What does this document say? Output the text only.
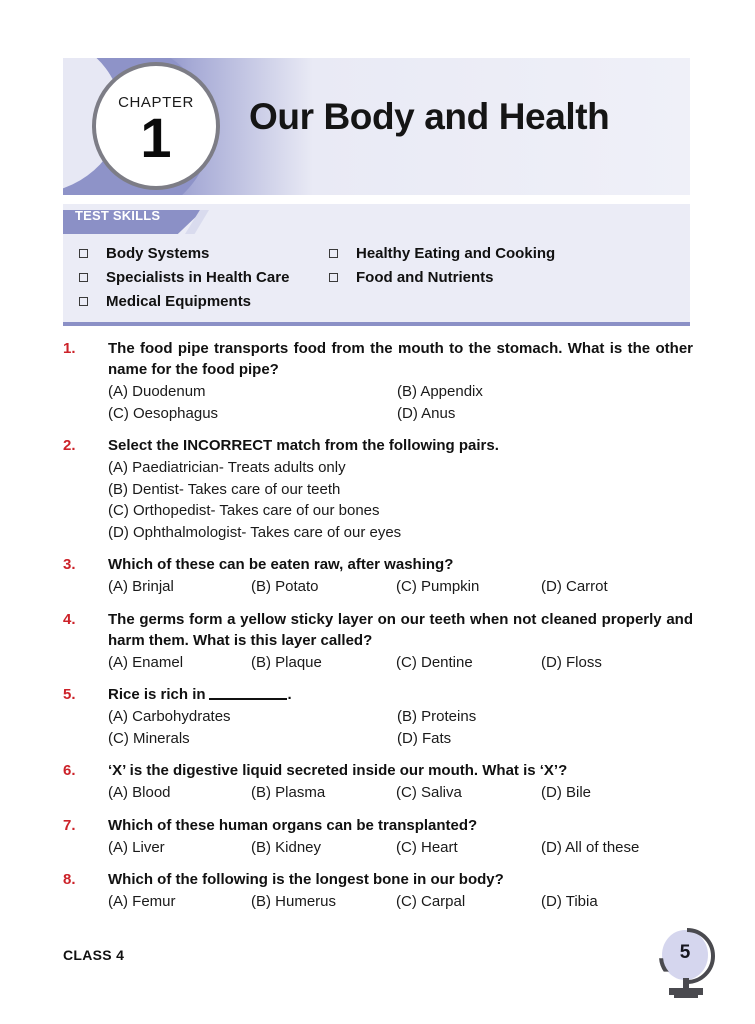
Our Body and Health
CHAPTER
1
TEST SKILLS
Body Systems
Specialists in Health Care
Medical Equipments
Healthy Eating and Cooking
Food and Nutrients
1.	The food pipe transports food from the mouth to the stomach. What is the other name for the food pipe?
(A) Duodenum	(B) Appendix
(C) Oesophagus	(D) Anus
2.	Select the INCORRECT match from the following pairs.
(A) Paediatrician- Treats adults only
(B) Dentist- Takes care of our teeth
(C) Orthopedist- Takes care of our bones
(D) Ophthalmologist- Takes care of our eyes
3.	Which of these can be eaten raw, after washing?
(A) Brinjal	(B) Potato	(C) Pumpkin	(D) Carrot
4.	The germs form a yellow sticky layer on our teeth when not cleaned properly and harm them. What is this layer called?
(A) Enamel	(B) Plaque	(C) Dentine	(D) Floss
5.	Rice is rich in	.
(A) Carbohydrates	(B) Proteins
(C) Minerals	(D) Fats
6.	‘X’ is the digestive liquid secreted inside our mouth. What is ‘X’?
(A) Blood	(B) Plasma	(C) Saliva	(D) Bile
7.	Which of these human organs can be transplanted?
(A) Liver	(B) Kidney	(C) Heart	(D) All of these
8.	Which of the following is the longest bone in our body?
(A) Femur	(B) Humerus	(C) Carpal	(D) Tibia
CLASS 4	5
